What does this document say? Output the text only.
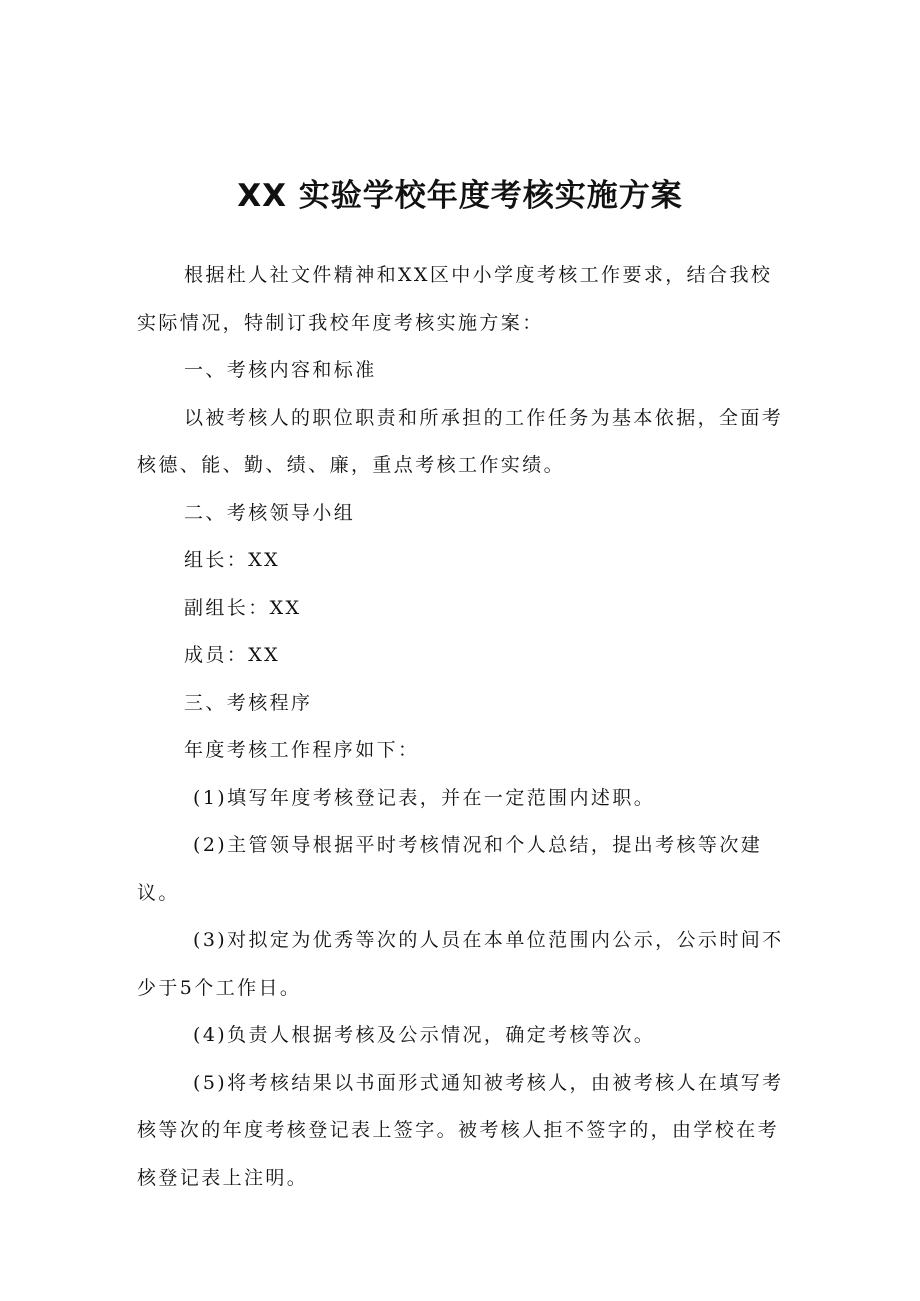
XX 实验学校年度考核实施方案

根据杜人社文件精神和XX区中小学度考核工作要求，结合我校实际情况，特制订我校年度考核实施方案：

一、考核内容和标准

以被考核人的职位职责和所承担的工作任务为基本依据，全面考核德、能、勤、绩、廉，重点考核工作实绩。

二、考核领导小组

组长：XX

副组长：XX

成员：XX

三、考核程序

年度考核工作程序如下：

(1)填写年度考核登记表，并在一定范围内述职。

(2)主管领导根据平时考核情况和个人总结，提出考核等次建议。

(3)对拟定为优秀等次的人员在本单位范围内公示，公示时间不少于5个工作日。

(4)负责人根据考核及公示情况，确定考核等次。

(5)将考核结果以书面形式通知被考核人，由被考核人在填写考核等次的年度考核登记表上签字。被考核人拒不签字的，由学校在考核登记表上注明。
